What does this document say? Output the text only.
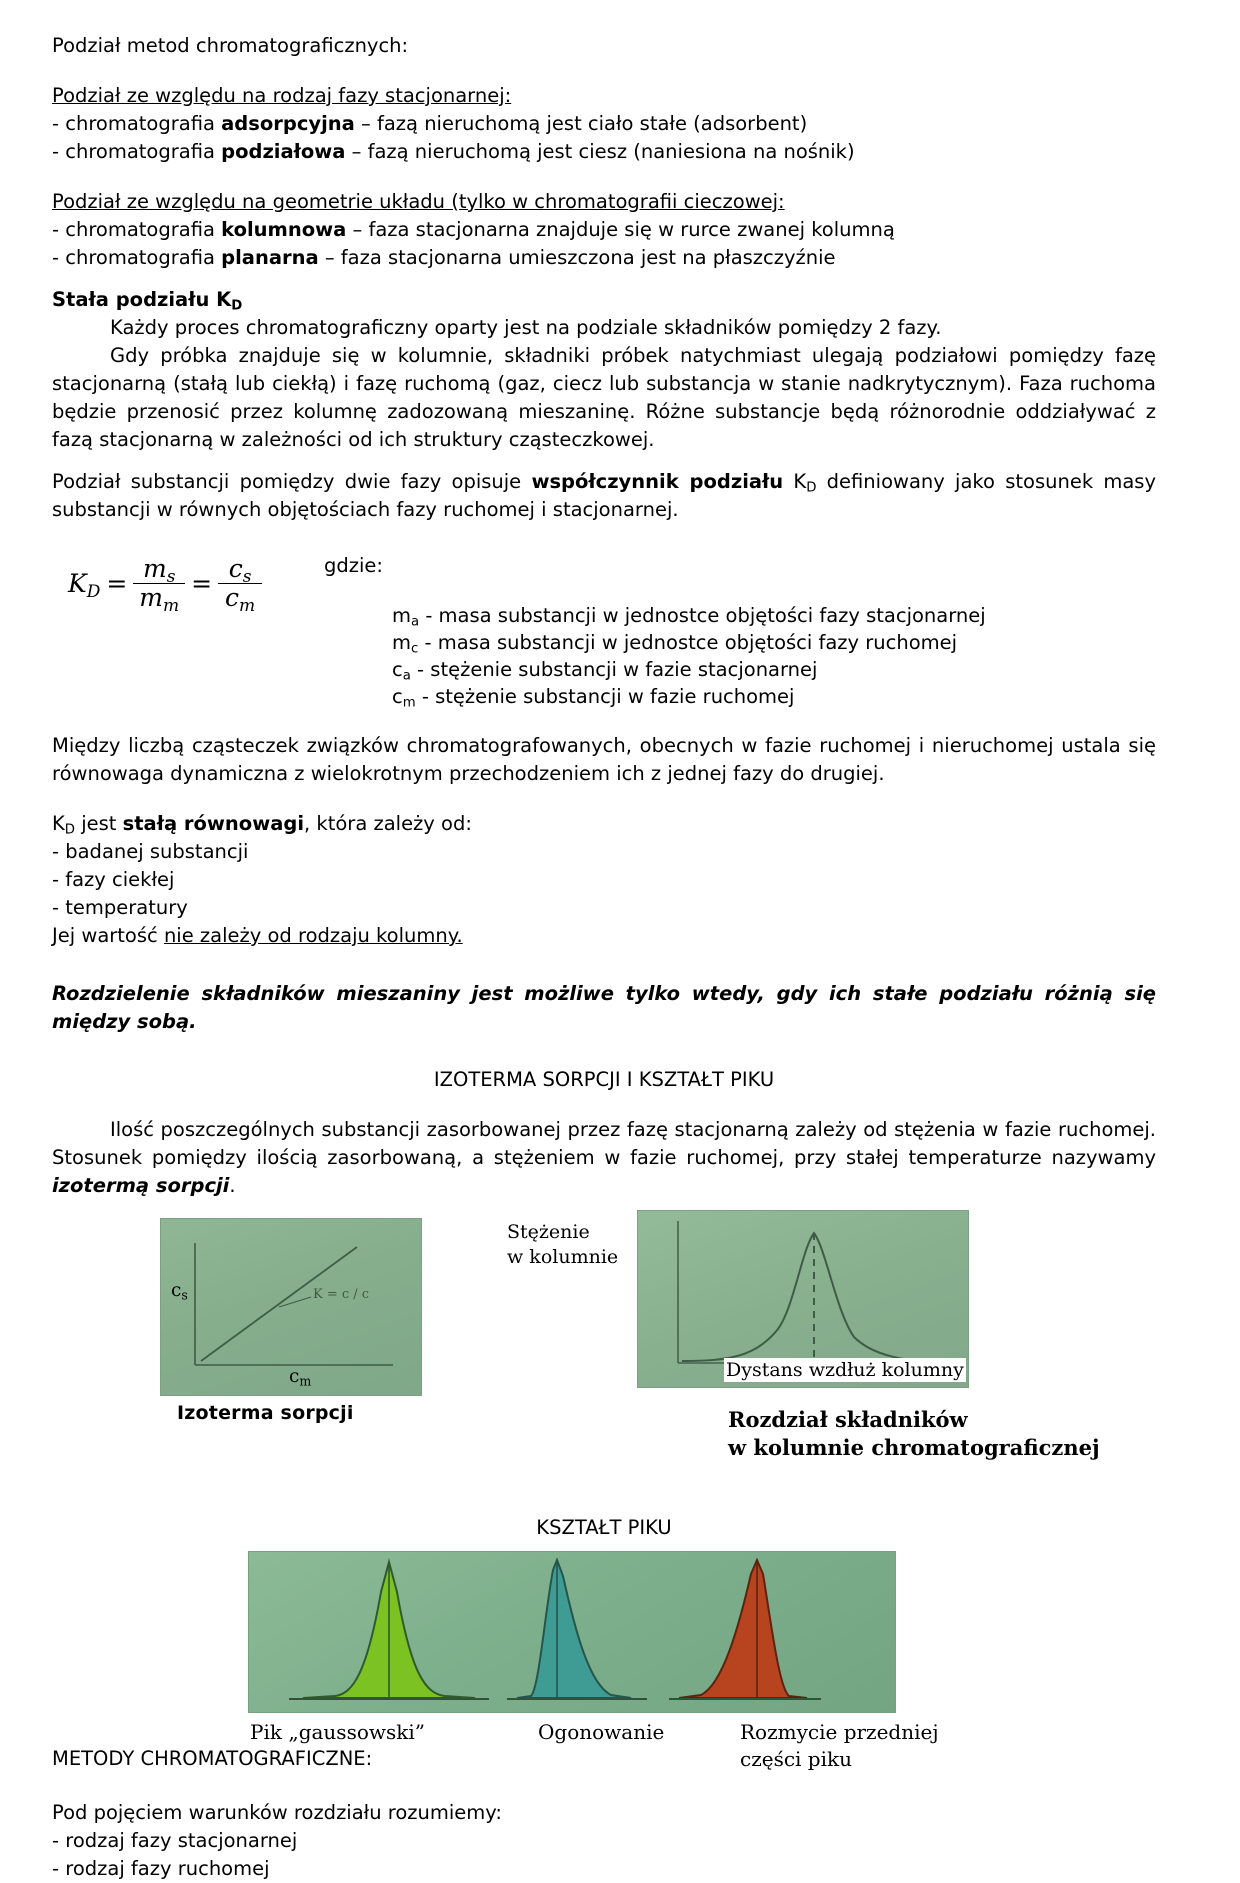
Podział metod chromatograficznych:
Podział ze względu na rodzaj fazy stacjonarnej:
- chromatografia adsorpcyjna – fazą nieruchomą jest ciało stałe (adsorbent)
- chromatografia podziałowa – fazą nieruchomą jest ciesz (naniesiona na nośnik)
Podział ze względu na geometrie układu (tylko w chromatografii cieczowej:
- chromatografia kolumnowa – faza stacjonarna znajduje się w rurce zwanej kolumną
- chromatografia planarna – faza stacjonarna umieszczona jest na płaszczyźnie
Stała podziału $K_D$
Każdy proces chromatograficzny oparty jest na podziale składników pomiędzy 2 fazy.
Gdy próbka znajduje się w kolumnie, składniki próbek natychmiast ulegają podziałowi pomiędzy fazę stacjonarną (stałą lub ciekłą) i fazę ruchomą (gaz, ciecz lub substancja w stanie nadkrytycznym). Faza ruchoma będzie przenosić przez kolumnę zadozowaną mieszaninę. Różne substancje będą różnorodnie oddziaływać z fazą stacjonarną w zależności od ich struktury cząsteczkowej.
Podział substancji pomiędzy dwie fazy opisuje współczynnik podziału $K_D$ definiowany jako stosunek masy substancji w równych objętościach fazy ruchomej i stacjonarnej.
$K_D = \frac{m_s}{m_m} = \frac{c_s}{c_m}$	gdzie:
$m_a$ - masa substancji w jednostce objętości fazy stacjonarnej
$m_c$ - masa substancji w jednostce objętości fazy ruchomej
$c_a$ - stężenie substancji w fazie stacjonarnej
$c_m$ - stężenie substancji w fazie ruchomej
Między liczbą cząsteczek związków chromatografowanych, obecnych w fazie ruchomej i nieruchomej ustala się równowaga dynamiczna z wielokrotnym przechodzeniem ich z jednej fazy do drugiej.
$K_D$ jest stałą równowagi, która zależy od:
- badanej substancji
- fazy ciekłej
- temperatury
Jej wartość nie zależy od rodzaju kolumny.
Rozdzielenie składników mieszaniny jest możliwe tylko wtedy, gdy ich stałe podziału różnią się między sobą.
IZOTERMA SORPCJI I KSZTAŁT PIKU
Ilość poszczególnych substancji zasorbowanej przez fazę stacjonarną zależy od stężenia w fazie ruchomej. Stosunek pomiędzy ilością zasorbowaną, a stężeniem w fazie ruchomej, przy stałej temperaturze nazywamy izotermą sorpcji.
$c_s$
$c_m$
K = c / c
Izoterma sorpcji
Stężenie
w kolumnie
Dystans wzdłuż kolumny
Rozdział składników
w kolumnie chromatograficznej
KSZTAŁT PIKU
Pik „gaussowski”	Ogonowanie	Rozmycie przedniej części piku
METODY CHROMATOGRAFICZNE:
Pod pojęciem warunków rozdziału rozumiemy:
- rodzaj fazy stacjonarnej
- rodzaj fazy ruchomej
